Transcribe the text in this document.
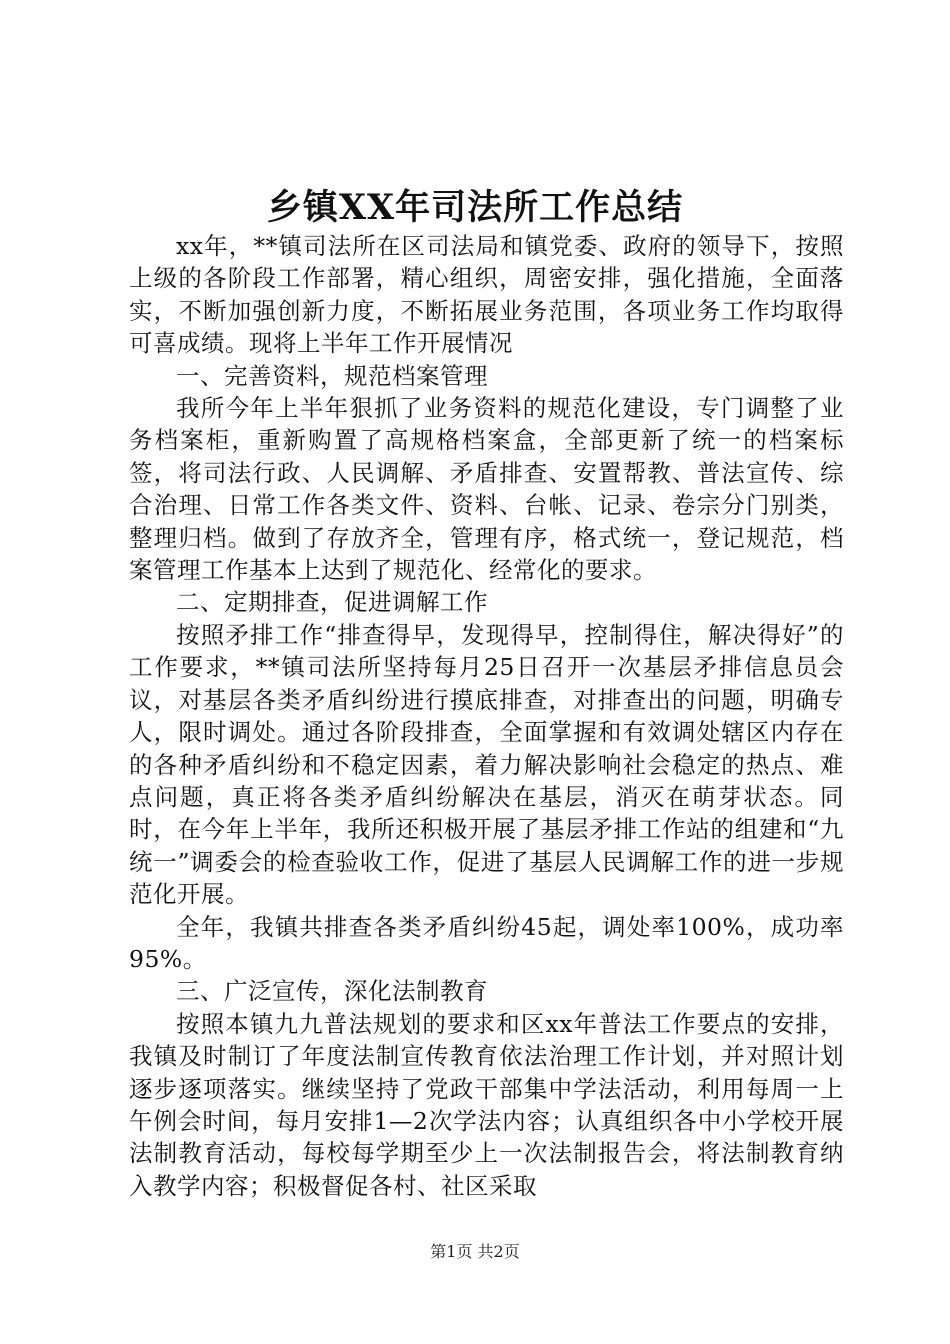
乡镇XX年司法所工作总结

xx年，**镇司法所在区司法局和镇党委、政府的领导下，按照上级的各阶段工作部署，精心组织，周密安排，强化措施，全面落实，不断加强创新力度，不断拓展业务范围，各项业务工作均取得可喜成绩。现将上半年工作开展情况

一、完善资料，规范档案管理

我所今年上半年狠抓了业务资料的规范化建设，专门调整了业务档案柜，重新购置了高规格档案盒，全部更新了统一的档案标签，将司法行政、人民调解、矛盾排查、安置帮教、普法宣传、综合治理、日常工作各类文件、资料、台帐、记录、卷宗分门别类，整理归档。做到了存放齐全，管理有序，格式统一，登记规范，档案管理工作基本上达到了规范化、经常化的要求。

二、定期排查，促进调解工作

按照矛排工作“排查得早，发现得早，控制得住，解决得好”的工作要求，**镇司法所坚持每月25日召开一次基层矛排信息员会议，对基层各类矛盾纠纷进行摸底排查，对排查出的问题，明确专人，限时调处。通过各阶段排查，全面掌握和有效调处辖区内存在的各种矛盾纠纷和不稳定因素，着力解决影响社会稳定的热点、难点问题，真正将各类矛盾纠纷解决在基层，消灭在萌芽状态。同时，在今年上半年，我所还积极开展了基层矛排工作站的组建和“九统一”调委会的检查验收工作，促进了基层人民调解工作的进一步规范化开展。

全年，我镇共排查各类矛盾纠纷45起，调处率100%，成功率95%。

三、广泛宣传，深化法制教育

按照本镇九九普法规划的要求和区xx年普法工作要点的安排，我镇及时制订了年度法制宣传教育依法治理工作计划，并对照计划逐步逐项落实。继续坚持了党政干部集中学法活动，利用每周一上午例会时间，每月安排1—2次学法内容；认真组织各中小学校开展法制教育活动，每校每学期至少上一次法制报告会，将法制教育纳入教学内容；积极督促各村、社区采取

第1页 共2页
